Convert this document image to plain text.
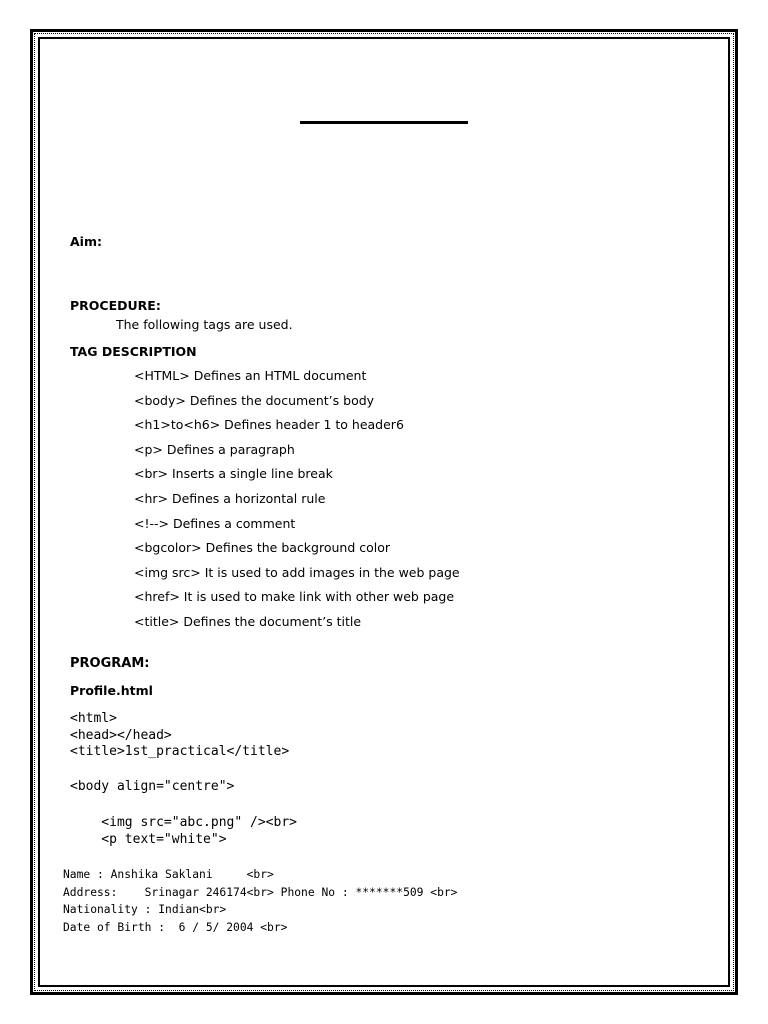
Aim:
PROCEDURE:
The following tags are used.
TAG DESCRIPTION
<HTML> Defines an HTML document
<body> Defines the document’s body
<h1>to<h6> Defines header 1 to header6
<p> Defines a paragraph
<br> Inserts a single line break
<hr> Defines a horizontal rule
<!--> Defines a comment
<bgcolor> Defines the background color
<img src> It is used to add images in the web page
<href> It is used to make link with other web page
<title> Defines the document’s title
PROGRAM:
Profile.html
<html>
<head></head>
<title>1st_practical</title>
<body align="centre">
<img src="abc.png" /><br>
<p text="white">
Name : Anshika Saklani     <br>
Address:    Srinagar 246174<br> Phone No : *******509 <br>
Nationality : Indian<br>
Date of Birth :  6 / 5/ 2004 <br>
